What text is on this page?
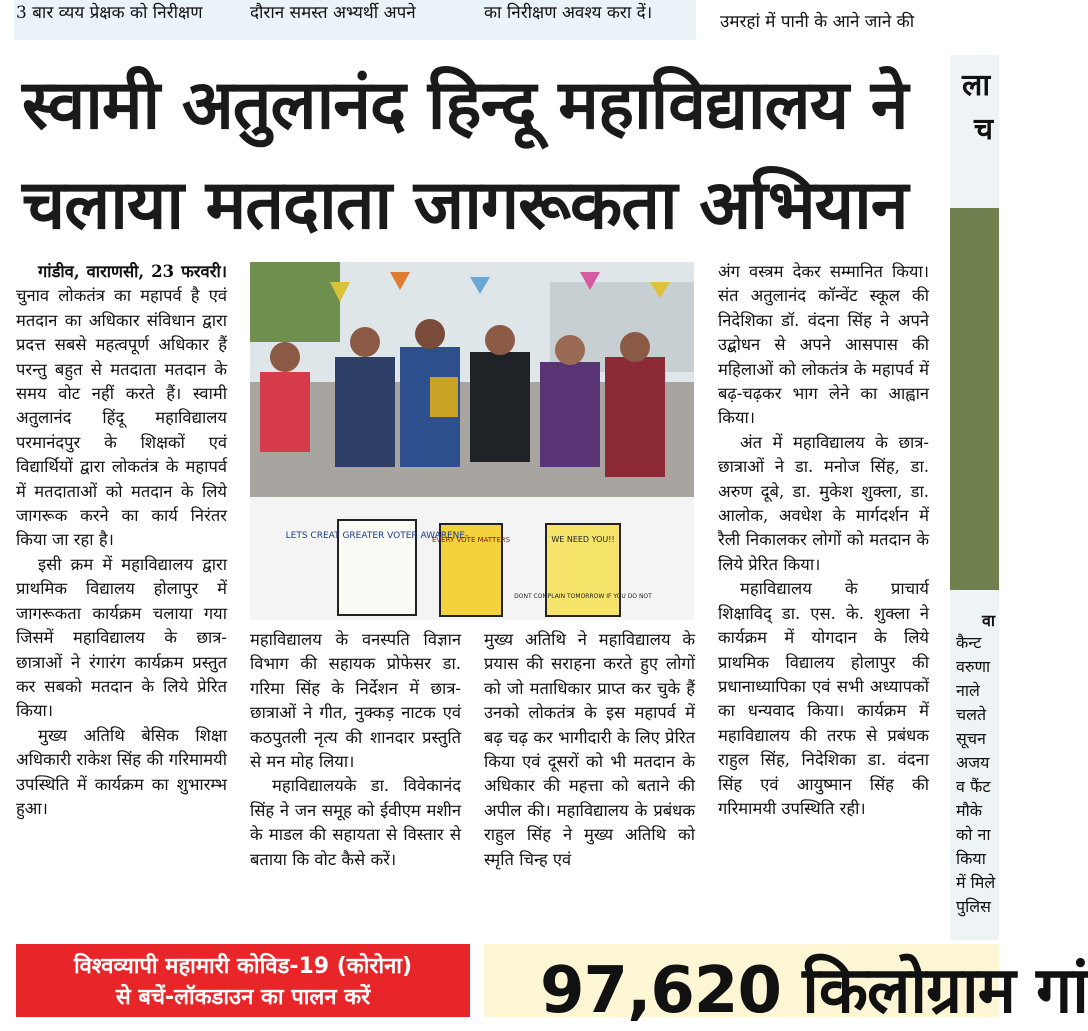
3 बार व्यय प्रेक्षक को निरीक्षण	दौरान समस्त अभ्यर्थी अपने	का निरीक्षण अवश्य करा दें।	उमरहां में पानी के आने जाने की
स्वामी अतुलानंद हिन्दू महाविद्यालय ने
चलाया मतदाता जागरूकता अभियान

गांडीव, वाराणसी, 23 फरवरी। चुनाव लोकतंत्र का महापर्व है एवं मतदान का अधिकार संविधान द्वारा प्रदत्त सबसे महत्वपूर्ण अधिकार हैं परन्तु बहुत से मतदाता मतदान के समय वोट नहीं करते हैं। स्वामी अतुलानंद हिंदू महाविद्यालय परमानंदपुर के शिक्षकों एवं विद्यार्थियों द्वारा लोकतंत्र के महापर्व में मतदाताओं को मतदान के लिये जागरूक करने का कार्य निरंतर किया जा रहा है।

इसी क्रम में महाविद्यालय द्वारा प्राथमिक विद्यालय होलापुर में जागरूकता कार्यक्रम चलाया गया जिसमें महाविद्यालय के छात्र-छात्राओं ने रंगारंग कार्यक्रम प्रस्तुत कर सबको मतदान के लिये प्रेरित किया।

मुख्य अतिथि बेसिक शिक्षा अधिकारी राकेश सिंह की गरिमामयी उपस्थिति में कार्यक्रम का शुभारम्भ हुआ।

LETS CREAT GREATER VOTER AWARENE-
EVERY VOTE MATTERS	WE NEED YOU!!
DONT COMPLAIN TOMORROW IF YOU DO NOT

महाविद्यालय के वनस्पति विज्ञान विभाग की सहायक प्रोफेसर डा. गरिमा सिंह के निर्देशन में छात्र-छात्राओं ने गीत, नुक्कड़ नाटक एवं कठपुतली नृत्य की शानदार प्रस्तुति से मन मोह लिया।

महाविद्यालयके डा. विवेकानंद सिंह ने जन समूह को ईवीएम मशीन के माडल की सहायता से विस्तार से बताया कि वोट कैसे करें।

मुख्य अतिथि ने महाविद्यालय के प्रयास की सराहना करते हुए लोगों को जो मताधिकार प्राप्त कर चुके हैं उनको लोकतंत्र के इस महापर्व में बढ़ चढ़ कर भागीदारी के लिए प्रेरित किया एवं दूसरों को भी मतदान के अधिकार की महत्ता को बताने की अपील की। महाविद्यालय के प्रबंधक राहुल सिंह ने मुख्य अतिथि को स्मृति चिन्ह एवं

अंग वस्त्रम देकर सम्मानित किया। संत अतुलानंद कॉन्वेंट स्कूल की निदेशिका डॉ. वंदना सिंह ने अपने उद्बोधन से अपने आसपास की महिलाओं को लोकतंत्र के महापर्व में बढ़-चढ़कर भाग लेने का आह्वान किया।

अंत में महाविद्यालय के छात्र-छात्राओं ने डा. मनोज सिंह, डा. अरुण दूबे, डा. मुकेश शुक्ला, डा. आलोक, अवधेश के मार्गदर्शन में रैली निकालकर लोगों को मतदान के लिये प्रेरित किया।

महाविद्यालय के प्राचार्य शिक्षाविद् डा. एस. के. शुक्ला ने कार्यक्रम में योगदान के लिये प्राथमिक विद्यालय होलापुर की प्रधानाध्यापिका एवं सभी अध्यापकों का धन्यवाद किया। कार्यक्रम में महाविद्यालय की तरफ से प्रबंधक राहुल सिंह, निदेशिका डा. वंदना सिंह एवं आयुष्मान सिंह की गरिमामयी उपस्थिति रही।

ला
च
वा
कैन्ट
वरुणा
नाले
चलते
सूचन
अजय
व फैंट
मौके
को ना
किया
में मिले
पुलिस
विश्वव्यापी महामारी कोविड-19 (कोरोना)
से बचें-लॉकडाउन का पालन करें	97,620 किलोग्राम गां
